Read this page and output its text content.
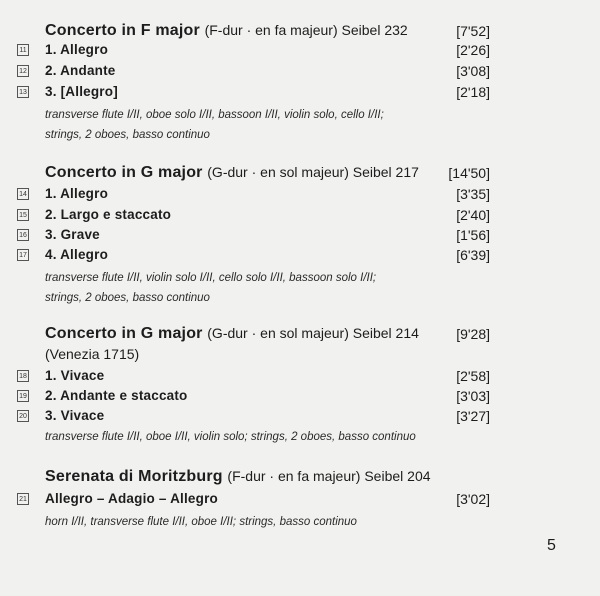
Concerto in F major (F-dur · en fa majeur) Seibel 232	[7'52]
11 1. Allegro	[2'26]
12 2. Andante	[3'08]
13 3. [Allegro]	[2'18]
transverse flute I/II, oboe solo I/II, bassoon I/II, violin solo, cello I/II;
strings, 2 oboes, basso continuo
Concerto in G major (G-dur · en sol majeur) Seibel 217 [14'50]
14 1. Allegro	[3'35]
15 2. Largo e staccato	[2'40]
16 3. Grave	[1'56]
17 4. Allegro	[6'39]
transverse flute I/II, violin solo I/II, cello solo I/II, bassoon solo I/II;
strings, 2 oboes, basso continuo
Concerto in G major (G-dur · en sol majeur) Seibel 214	[9'28]
(Venezia 1715)
18 1. Vivace	[2'58]
19 2. Andante e staccato	[3'03]
20 3. Vivace	[3'27]
transverse flute I/II, oboe I/II, violin solo; strings, 2 oboes, basso continuo
Serenata di Moritzburg (F-dur · en fa majeur) Seibel 204
21 Allegro – Adagio – Allegro	[3'02]
horn I/II, transverse flute I/II, oboe I/II; strings, basso continuo
5
